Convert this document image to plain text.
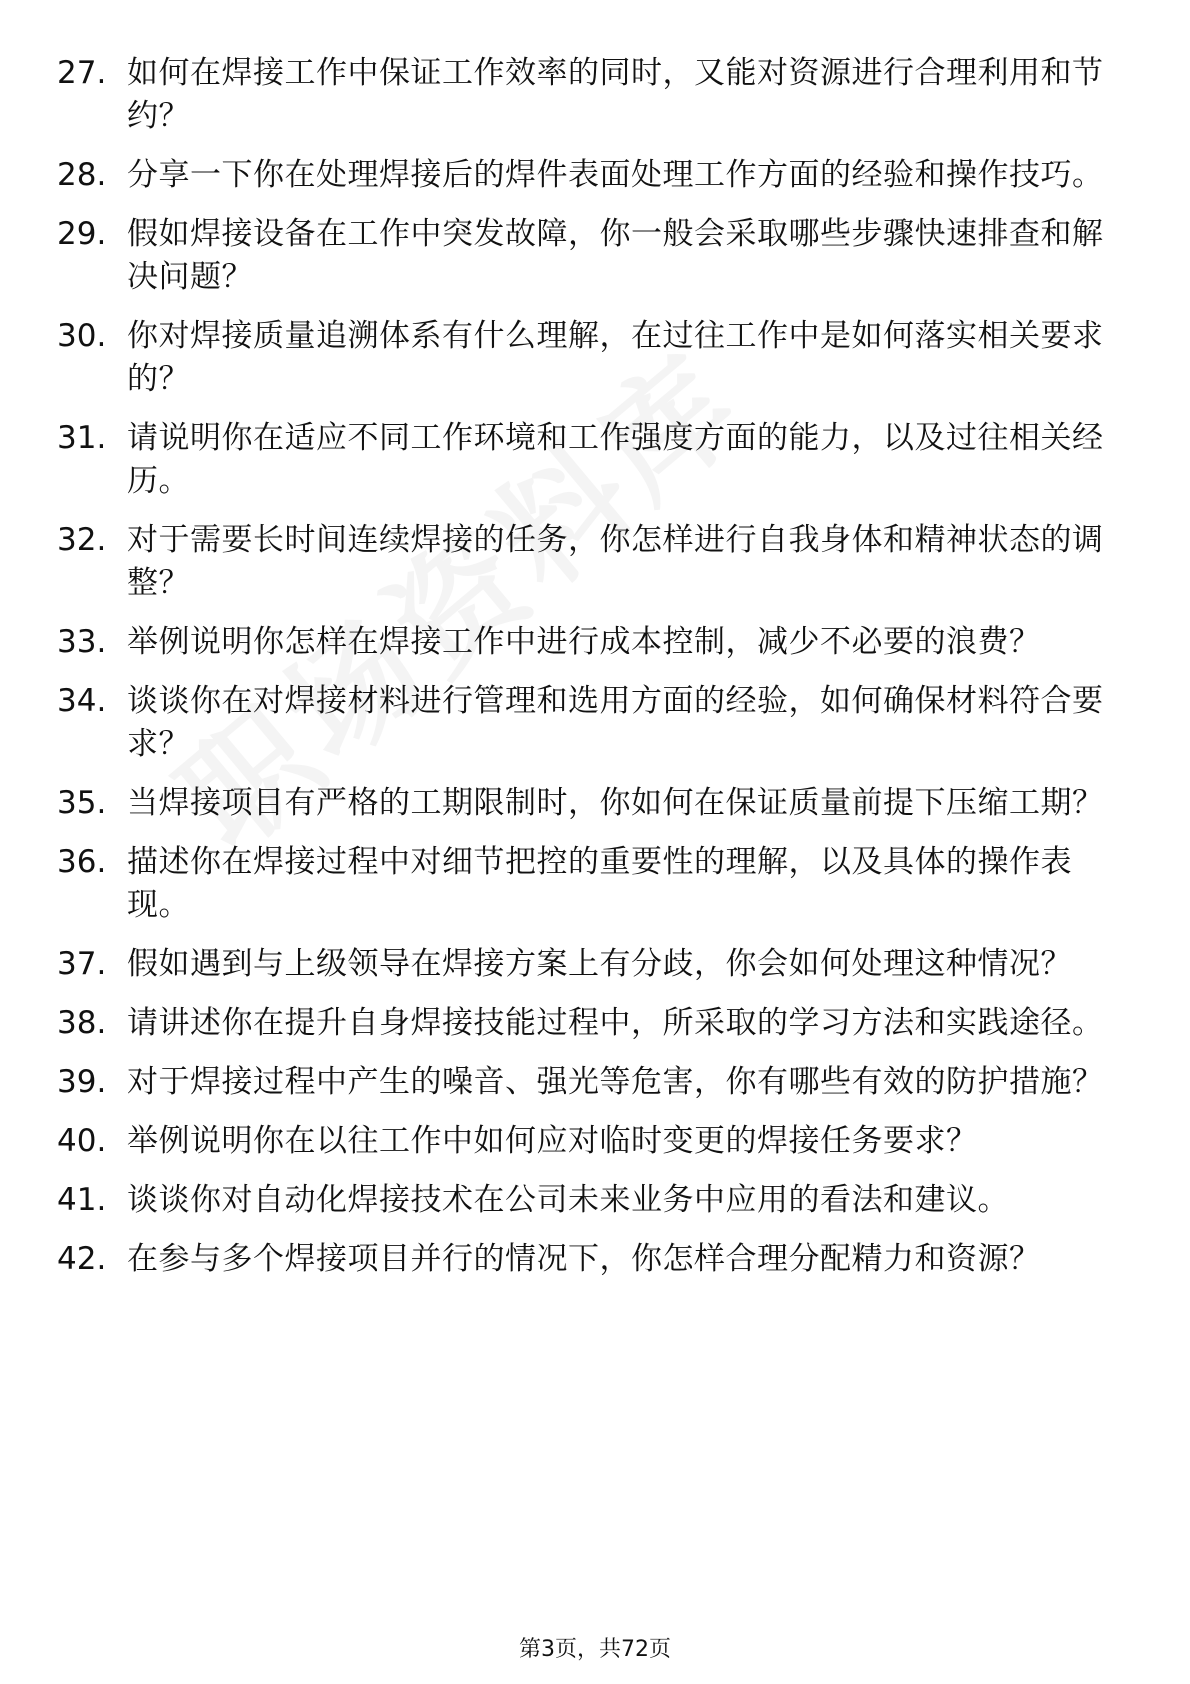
27. 如何在焊接工作中保证工作效率的同时，又能对资源进行合理利用和节约？
28. 分享一下你在处理焊接后的焊件表面处理工作方面的经验和操作技巧。
29. 假如焊接设备在工作中突发故障，你一般会采取哪些步骤快速排查和解决问题？
30. 你对焊接质量追溯体系有什么理解，在过往工作中是如何落实相关要求的？
31. 请说明你在适应不同工作环境和工作强度方面的能力，以及过往相关经历。
32. 对于需要长时间连续焊接的任务，你怎样进行自我身体和精神状态的调整？
33. 举例说明你怎样在焊接工作中进行成本控制，减少不必要的浪费？
34. 谈谈你在对焊接材料进行管理和选用方面的经验，如何确保材料符合要求？
35. 当焊接项目有严格的工期限制时，你如何在保证质量前提下压缩工期？
36. 描述你在焊接过程中对细节把控的重要性的理解，以及具体的操作表现。
37. 假如遇到与上级领导在焊接方案上有分歧，你会如何处理这种情况？
38. 请讲述你在提升自身焊接技能过程中，所采取的学习方法和实践途径。
39. 对于焊接过程中产生的噪音、强光等危害，你有哪些有效的防护措施？
40. 举例说明你在以往工作中如何应对临时变更的焊接任务要求？
41. 谈谈你对自动化焊接技术在公司未来业务中应用的看法和建议。
42. 在参与多个焊接项目并行的情况下，你怎样合理分配精力和资源？
第3页，共72页
